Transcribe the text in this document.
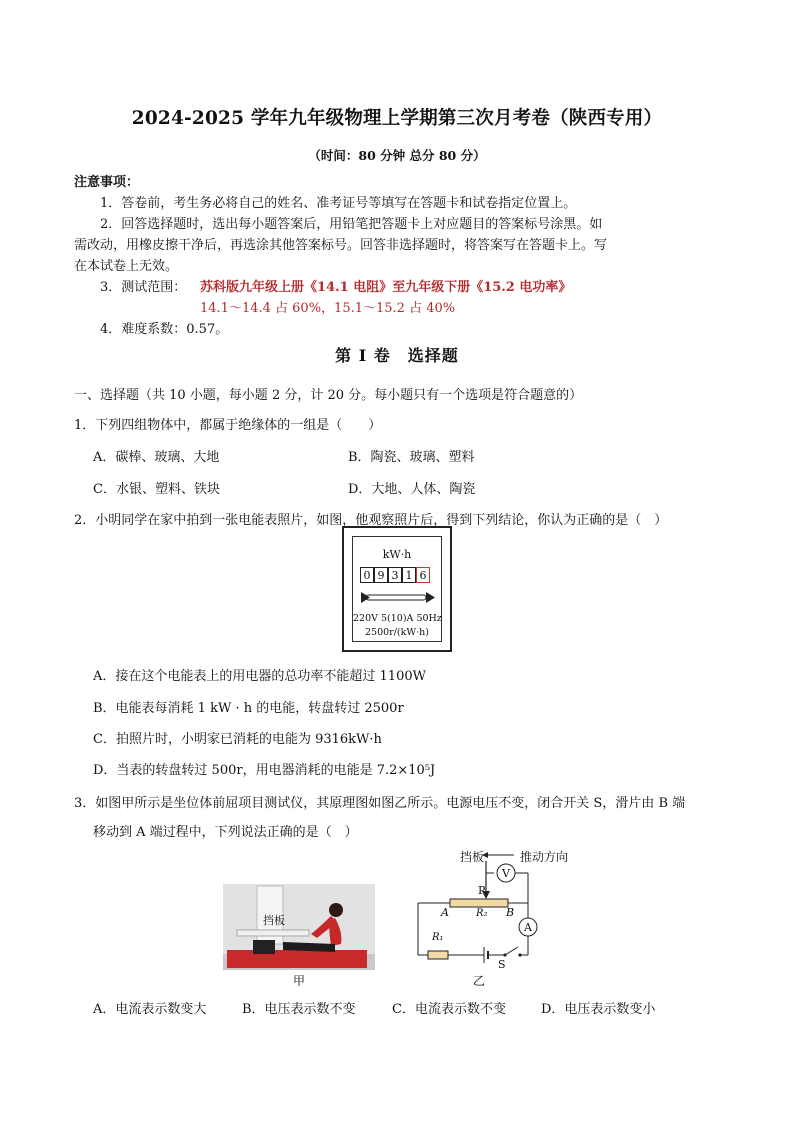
2024-2025 学年九年级物理上学期第三次月考卷（陕西专用）
（时间：80 分钟 总分 80 分）
注意事项：
1．答卷前，考生务必将自己的姓名、准考证号等填写在答题卡和试卷指定位置上。
2．回答选择题时，选出每小题答案后，用铅笔把答题卡上对应题目的答案标号涂黑。如
需改动，用橡皮擦干净后，再选涂其他答案标号。回答非选择题时，将答案写在答题卡上。写
在本试卷上无效。
3．测试范围： 苏科版九年级上册《14.1 电阻》至九年级下册《15.2 电功率》
14.1～14.4 占 60%，15.1～15.2 占 40%
4．难度系数：0.57。
第 I 卷　选择题
一、选择题（共 10 小题，每小题 2 分，计 20 分。每小题只有一个选项是符合题意的）
1．下列四组物体中，都属于绝缘体的一组是（　　）
A．碳棒、玻璃、大地	B．陶瓷、玻璃、塑料
C．水银、塑料、铁块	D．大地、人体、陶瓷
2．小明同学在家中拍到一张电能表照片，如图，他观察照片后，得到下列结论，你认为正确的是（　）
kW·h
0 9 3 1 6
220V 5(10)A 50Hz
2500r/(kW·h)
A．接在这个电能表上的用电器的总功率不能超过 1100W
B．电能表每消耗 1 kW · h 的电能，转盘转过 2500r
C．拍照片时，小明家已消耗的电能为 9316kW·h
D．当表的转盘转过 500r，用电器消耗的电能是 7.2×10⁵J
3．如图甲所示是坐位体前屈项目测试仪，其原理图如图乙所示。电源电压不变，闭合开关 S，滑片由 B 端
移动到 A 端过程中，下列说法正确的是（　）
挡板
甲
挡板	推动方向
P
V
A	R₂ B
A
R₁
S
乙
A．电流表示数变大	B．电压表示数不变	C．电流表示数不变	D．电压表示数变小
